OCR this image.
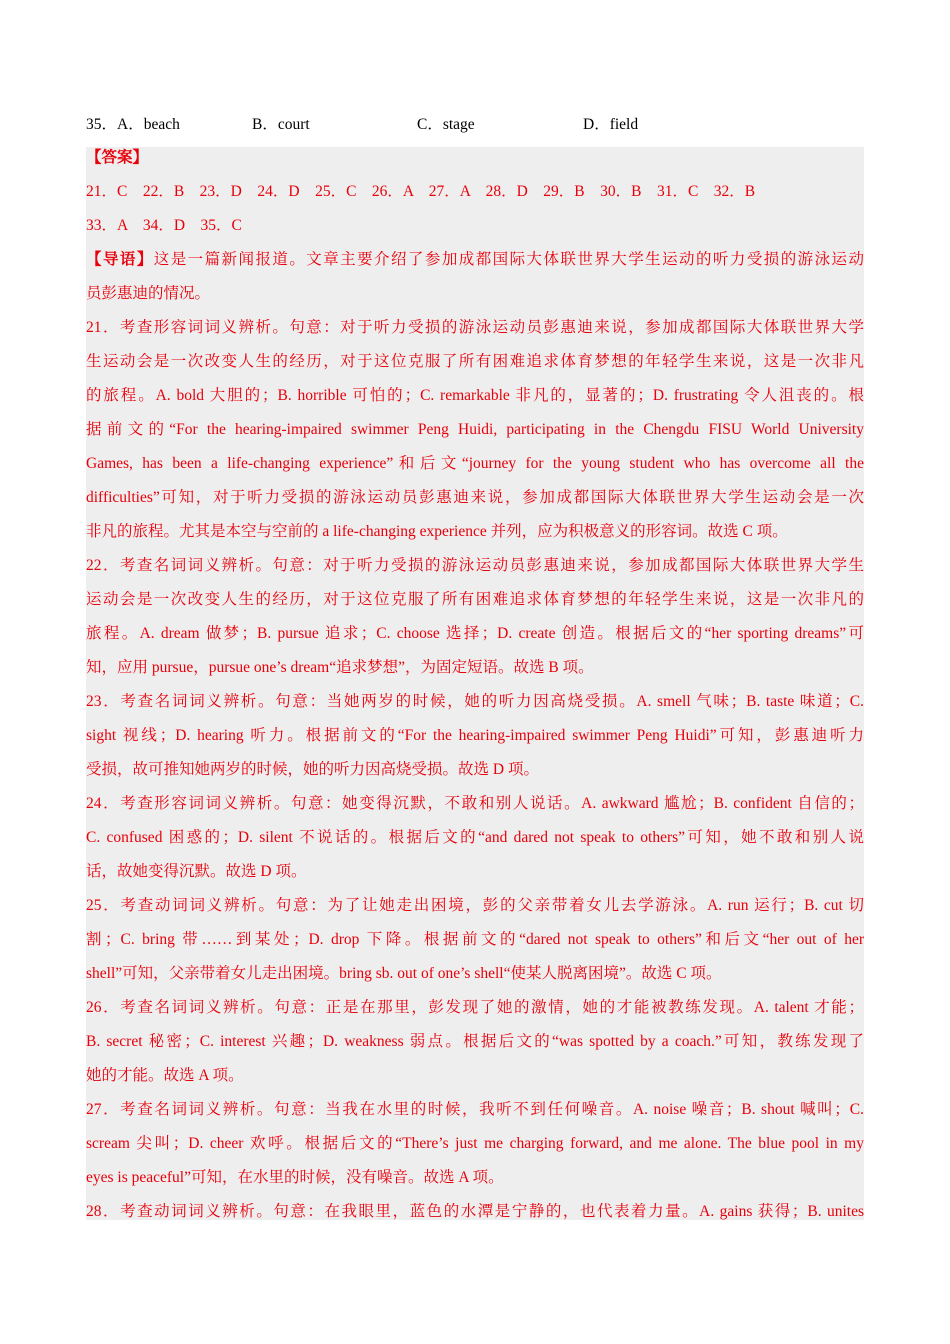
35．A．beach	B．court	C．stage	D．field
【答案】
21．C　22．B　23．D　24．D　25．C　26．A　27．A　28．D　29．B　30．B　31．C　32．B
33．A　34．D　35．C
【导语】这是一篇新闻报道。文章主要介绍了参加成都国际大体联世界大学生运动的听力受损的游泳运动
员彭惠迪的情况。
21．考查形容词词义辨析。句意：对于听力受损的游泳运动员彭惠迪来说，参加成都国际大体联世界大学
生运动会是一次改变人生的经历，对于这位克服了所有困难追求体育梦想的年轻学生来说，这是一次非凡
的旅程。A. bold 大胆的；B. horrible 可怕的；C. remarkable 非凡的，显著的；D. frustrating 令人沮丧的。根
据前文的“For the hearing-impaired swimmer Peng Huidi, participating in the Chengdu FISU World University
Games, has been a life-changing experience”和后文“journey for the young student who has overcome all the
difficulties”可知，对于听力受损的游泳运动员彭惠迪来说，参加成都国际大体联世界大学生运动会是一次
非凡的旅程。尤其是本空与空前的 a life-changing experience 并列，应为积极意义的形容词。故选 C 项。
22．考查名词词义辨析。句意：对于听力受损的游泳运动员彭惠迪来说，参加成都国际大体联世界大学生
运动会是一次改变人生的经历，对于这位克服了所有困难追求体育梦想的年轻学生来说，这是一次非凡的
旅程。A. dream 做梦；B. pursue 追求；C. choose 选择；D. create 创造。根据后文的“her sporting dreams”可
知，应用 pursue，pursue one’s dream“追求梦想”，为固定短语。故选 B 项。
23．考查名词词义辨析。句意：当她两岁的时候，她的听力因高烧受损。A. smell 气味；B. taste 味道；C.
sight 视线；D. hearing 听力。根据前文的“For the hearing-impaired swimmer Peng Huidi”可知，彭惠迪听力
受损，故可推知她两岁的时候，她的听力因高烧受损。故选 D 项。
24．考查形容词词义辨析。句意：她变得沉默，不敢和别人说话。A. awkward 尴尬；B. confident 自信的；
C. confused 困惑的；D. silent 不说话的。根据后文的“and dared not speak to others”可知，她不敢和别人说
话，故她变得沉默。故选 D 项。
25．考查动词词义辨析。句意：为了让她走出困境，彭的父亲带着女儿去学游泳。A. run 运行；B. cut 切
割；C. bring 带……到某处；D. drop 下降。根据前文的“dared not speak to others”和后文“her out of her
shell”可知，父亲带着女儿走出困境。bring sb. out of one’s shell“使某人脱离困境”。故选 C 项。
26．考查名词词义辨析。句意：正是在那里，彭发现了她的激情，她的才能被教练发现。A. talent 才能；
B. secret 秘密；C. interest 兴趣；D. weakness 弱点。根据后文的“was spotted by a coach.”可知，教练发现了
她的才能。故选 A 项。
27．考查名词词义辨析。句意：当我在水里的时候，我听不到任何噪音。A. noise 噪音；B. shout 喊叫；C.
scream 尖叫；D. cheer 欢呼。根据后文的“There’s just me charging forward, and me alone. The blue pool in my
eyes is peaceful”可知，在水里的时候，没有噪音。故选 A 项。
28．考查动词词义辨析。句意：在我眼里，蓝色的水潭是宁静的，也代表着力量。A. gains 获得；B. unites
